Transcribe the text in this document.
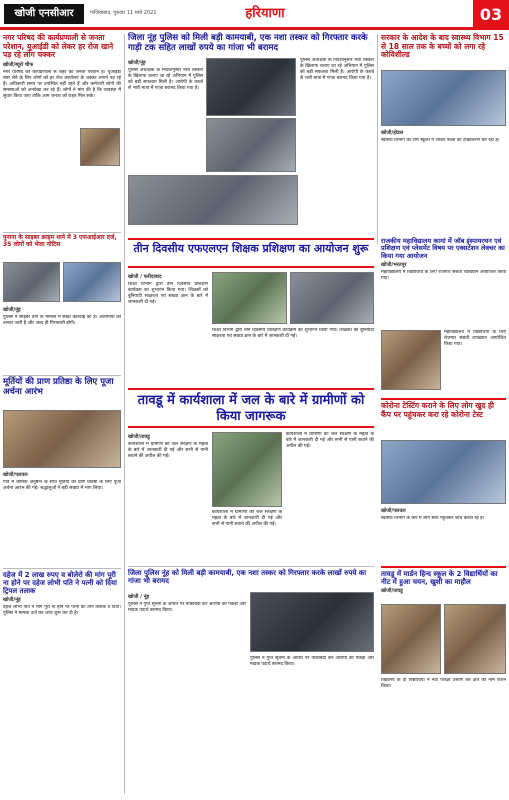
खोजी एनसीआर	गाजियाबाद, गुरुवार 11 मार्च 2021	हरियाणा	03
नगर परिषद की कार्यप्रणाली से जनता परेशान, यूआईडी को लेकर हर रोज खाने पड़ रहे लोग चक्कर
खोजी/ब्यूरो चीफ
नगर परिषद की कार्यप्रणाली से शहर की जनता परेशान है। यूआईडी नंबर लेने के लिए लोगों को हर रोज कार्यालय के चक्कर लगाने पड़ रहे हैं। अधिकारी समय पर उपस्थित नहीं रहते हैं और कर्मचारी लोगों की समस्याओं को अनदेखा कर रहे हैं। लोगों ने मांग की है कि व्यवस्था में सुधार किया जाए ताकि आम जनता को राहत मिल सके।
पुनाना के साइबर क्राइम थाने में 3 एफआईआर दर्ज, 35 लोगों को भेजा नोटिस
खोजी/नूंह
पुलिस ने साइबर ठगी के मामलों में सख्त कार्रवाई की है। आरोपियों की तलाश जारी है और जल्द ही गिरफ्तारी होगी।
मूर्तियों की प्राण प्रतिष्ठा के लिए पूजा अर्चना आरंभ
खोजी/पलवल
गांव में धार्मिक अनुष्ठान के साथ मूर्तियों की प्राण प्रतिष्ठा के लिए पूजा अर्चना आरंभ की गई। श्रद्धालुओं ने बड़ी संख्या में भाग लिया।
दहेज में 2 लाख रुपए व बोलेरो की मांग पूरी ना होने पर दहेज लोभी पति ने पत्नी को दिया ट्रिपल तलाक
खोजी/नूंह
दहेज लोभी पति ने मांग पूरी ना होने पर पत्नी को तीन तलाक दे दिया। पुलिस ने मामला दर्ज कर जांच शुरू कर दी है।
जिला नूंह पुलिस को मिली बड़ी कामयाबी, एक नशा तस्कर को गिरफ्तार करके गाड़ी टक सहित लाखों रुपये का गांजा भी बरामद
खोजी/नूंह
पुलिस अधीक्षक के निर्देशानुसार नशा तस्करों के खिलाफ चलाए जा रहे अभियान में पुलिस को बड़ी सफलता मिली है। आरोपी के कब्जे से भारी मात्रा में गांजा बरामद किया गया है।
पुलिस अधीक्षक के निर्देशानुसार नशा तस्करों के खिलाफ चलाए जा रहे अभियान में पुलिस को बड़ी सफलता मिली है। आरोपी के कब्जे से भारी मात्रा में गांजा बरामद किया गया है।
सरकार के आदेश के बाद स्वास्थ्य विभाग 15 से 18 साल तक के बच्चों को लगा रहे कोविशील्ड
खोजी/होडल
स्वास्थ्य विभाग की टीम स्कूलों में जाकर बच्चों का टीकाकरण कर रही है।
तीन दिवसीय एफएलएन शिक्षक प्रशिक्षण का आयोजन शुरू
खोजी / फरीदाबाद
शिक्षा विभाग द्वारा तीन दिवसीय प्रशिक्षण कार्यक्रम का शुभारंभ किया गया। शिक्षकों को बुनियादी साक्षरता एवं संख्या ज्ञान के बारे में जानकारी दी गई।
शिक्षा विभाग द्वारा तीन दिवसीय प्रशिक्षण कार्यक्रम का शुभारंभ किया गया। शिक्षकों को बुनियादी साक्षरता एवं संख्या ज्ञान के बारे में जानकारी दी गई।
राजकीय महाविद्यालय कामां में जॉब इंस्पायरथन एवं प्रशिक्षण एवं प्लेसमेंट विषय पर एक्सटेंशन लेक्चर का किया गया आयोजन
खोजी/भरतपुर
महाविद्यालय में विद्यार्थियों के लिए रोजगार संबंधी व्याख्यान आयोजित किया गया।
महाविद्यालय में विद्यार्थियों के लिए रोजगार संबंधी व्याख्यान आयोजित किया गया।
कोरोना टेस्टिंग कराने के लिए लोग खुद ही कैंप पर पहुंचकर करा रहे कोरोना टेस्ट
खोजी/पलवल
स्वास्थ्य विभाग के कैंप में लोग स्वयं पहुंचकर जांच करवा रहे हैं।
तावडू में कार्यशाला में जल के बारे में ग्रामीणों को किया जागरूक
खोजी/तावडू
कार्यशाला में ग्रामीणों को जल संरक्षण के महत्व के बारे में जानकारी दी गई और सभी से पानी बचाने की अपील की गई।
कार्यशाला में ग्रामीणों को जल संरक्षण के महत्व के बारे में जानकारी दी गई और सभी से पानी बचाने की अपील की गई।
कार्यशाला में ग्रामीणों को जल संरक्षण के महत्व के बारे में जानकारी दी गई और सभी से पानी बचाने की अपील की गई।
जिला पुलिस नूंह को मिली बड़ी कामयाबी, एक नशा तस्कर को गिरफ्तार करके लाखों रुपये का गांजा भी बरामद
खोजी / नूंह
पुलिस ने गुप्त सूचना के आधार पर नाकाबंदी कर आरोपी को पकड़ा और मादक पदार्थ बरामद किया।
पुलिस ने गुप्त सूचना के आधार पर नाकाबंदी कर आरोपी को पकड़ा और मादक पदार्थ बरामद किया।
तावडू में मार्डन हिन्द स्कूल के 2 विद्यार्थियों का नीट में हुआ चयन, खुशी का माहौल
खोजी/तावडू
विद्यालय के दो विद्यार्थियों ने नीट परीक्षा उत्तीर्ण कर क्षेत्र का नाम रोशन किया।
